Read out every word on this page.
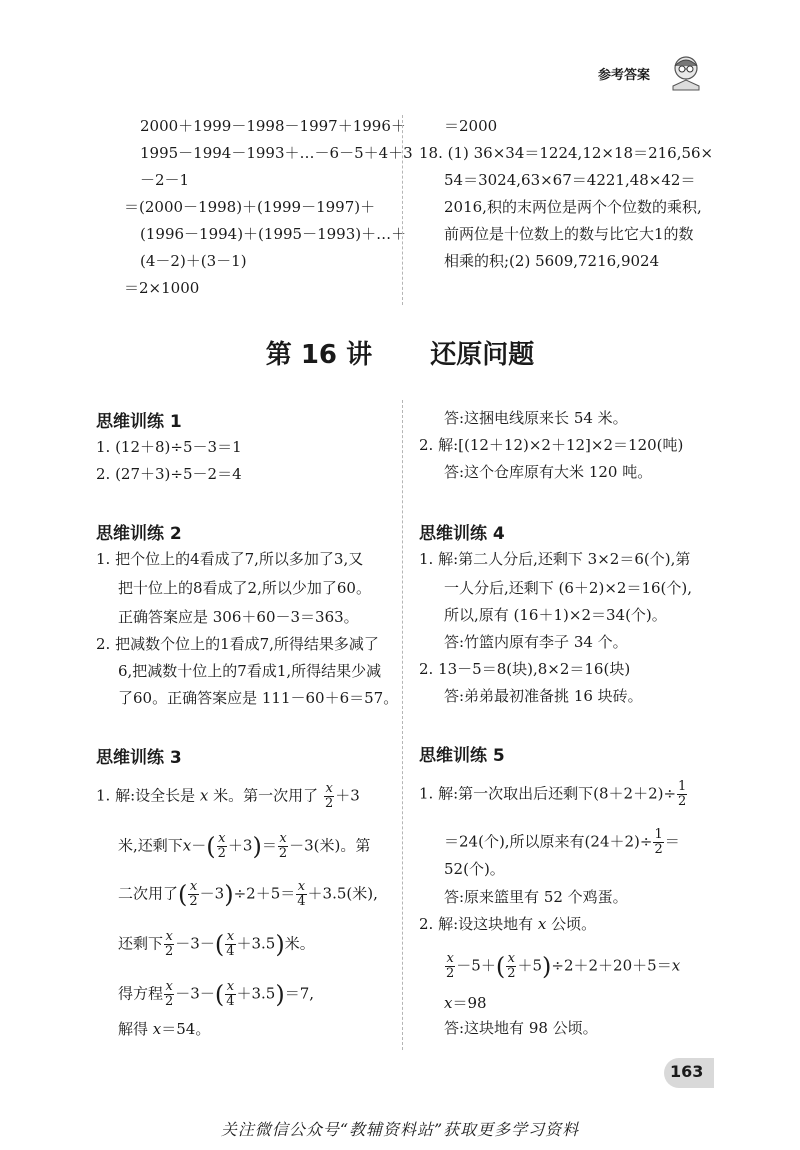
参考答案
2000＋1999－1998－1997＋1996＋
1995－1994－1993＋…－6－5＋4＋3
－2－1
＝(2000－1998)＋(1999－1997)＋
(1996－1994)＋(1995－1993)＋…＋
(4－2)＋(3－1)
＝2×1000
＝2000
18. (1) 36×34＝1224,12×18＝216,56×
54＝3024,63×67＝4221,48×42＝
2016,积的末两位是两个个位数的乘积,
前两位是十位数上的数与比它大1的数
相乘的积;(2) 5609,7216,9024
第 16 讲 还原问题
思维训练 1
1. (12＋8)÷5－3＝1
2. (27＋3)÷5－2＝4
思维训练 2
1. 把个位上的4看成了7,所以多加了3,又
把十位上的8看成了2,所以少加了60。
正确答案应是 306＋60－3＝363。
2. 把减数个位上的1看成7,所得结果多减了
6,把减数十位上的7看成1,所得结果少减
了60。正确答案应是 111－60＋6＝57。
思维训练 3
1. 解:设全长是 x 米。第一次用了 $\frac{x}{2} +3$
米,还剩下$x-( \frac{x}{2} +3)= \frac{x}{2} -3$(米)。第
二次用了( $\frac{x}{2} -3)\div 2+5= \frac{x}{4} +3.5$(米),
还剩下 $\frac{x}{2} -3-( \frac{x}{4} +3.5)$米。
得方程 $\frac{x}{2} -3-( \frac{x}{4} +3.5)=7$,
解得 x＝54。
答:这捆电线原来长 54 米。
2. 解:[(12＋12)×2＋12]×2＝120(吨)
答:这个仓库原有大米 120 吨。
思维训练 4
1. 解:第二人分后,还剩下 3×2＝6(个),第
一人分后,还剩下 (6＋2)×2＝16(个),
所以,原有 (16＋1)×2＝34(个)。
答:竹篮内原有李子 34 个。
2. 13－5＝8(块),8×2＝16(块)
答:弟弟最初准备挑 16 块砖。
思维训练 5
1. 解:第一次取出后还剩下$(8+2+2)\div \frac{1}{2}$
＝24(个),所以原来有$(24+2)\div \frac{1}{2}$ ＝
52(个)。
答:原来篮里有 52 个鸡蛋。
2. 解:设这块地有 x 公顷。
$\frac{x}{2} -5+( \frac{x}{2} +5)\div 2+2+20+5=x$
x＝98
答:这块地有 98 公顷。
163
关注微信公众号“教辅资料站”获取更多学习资料
